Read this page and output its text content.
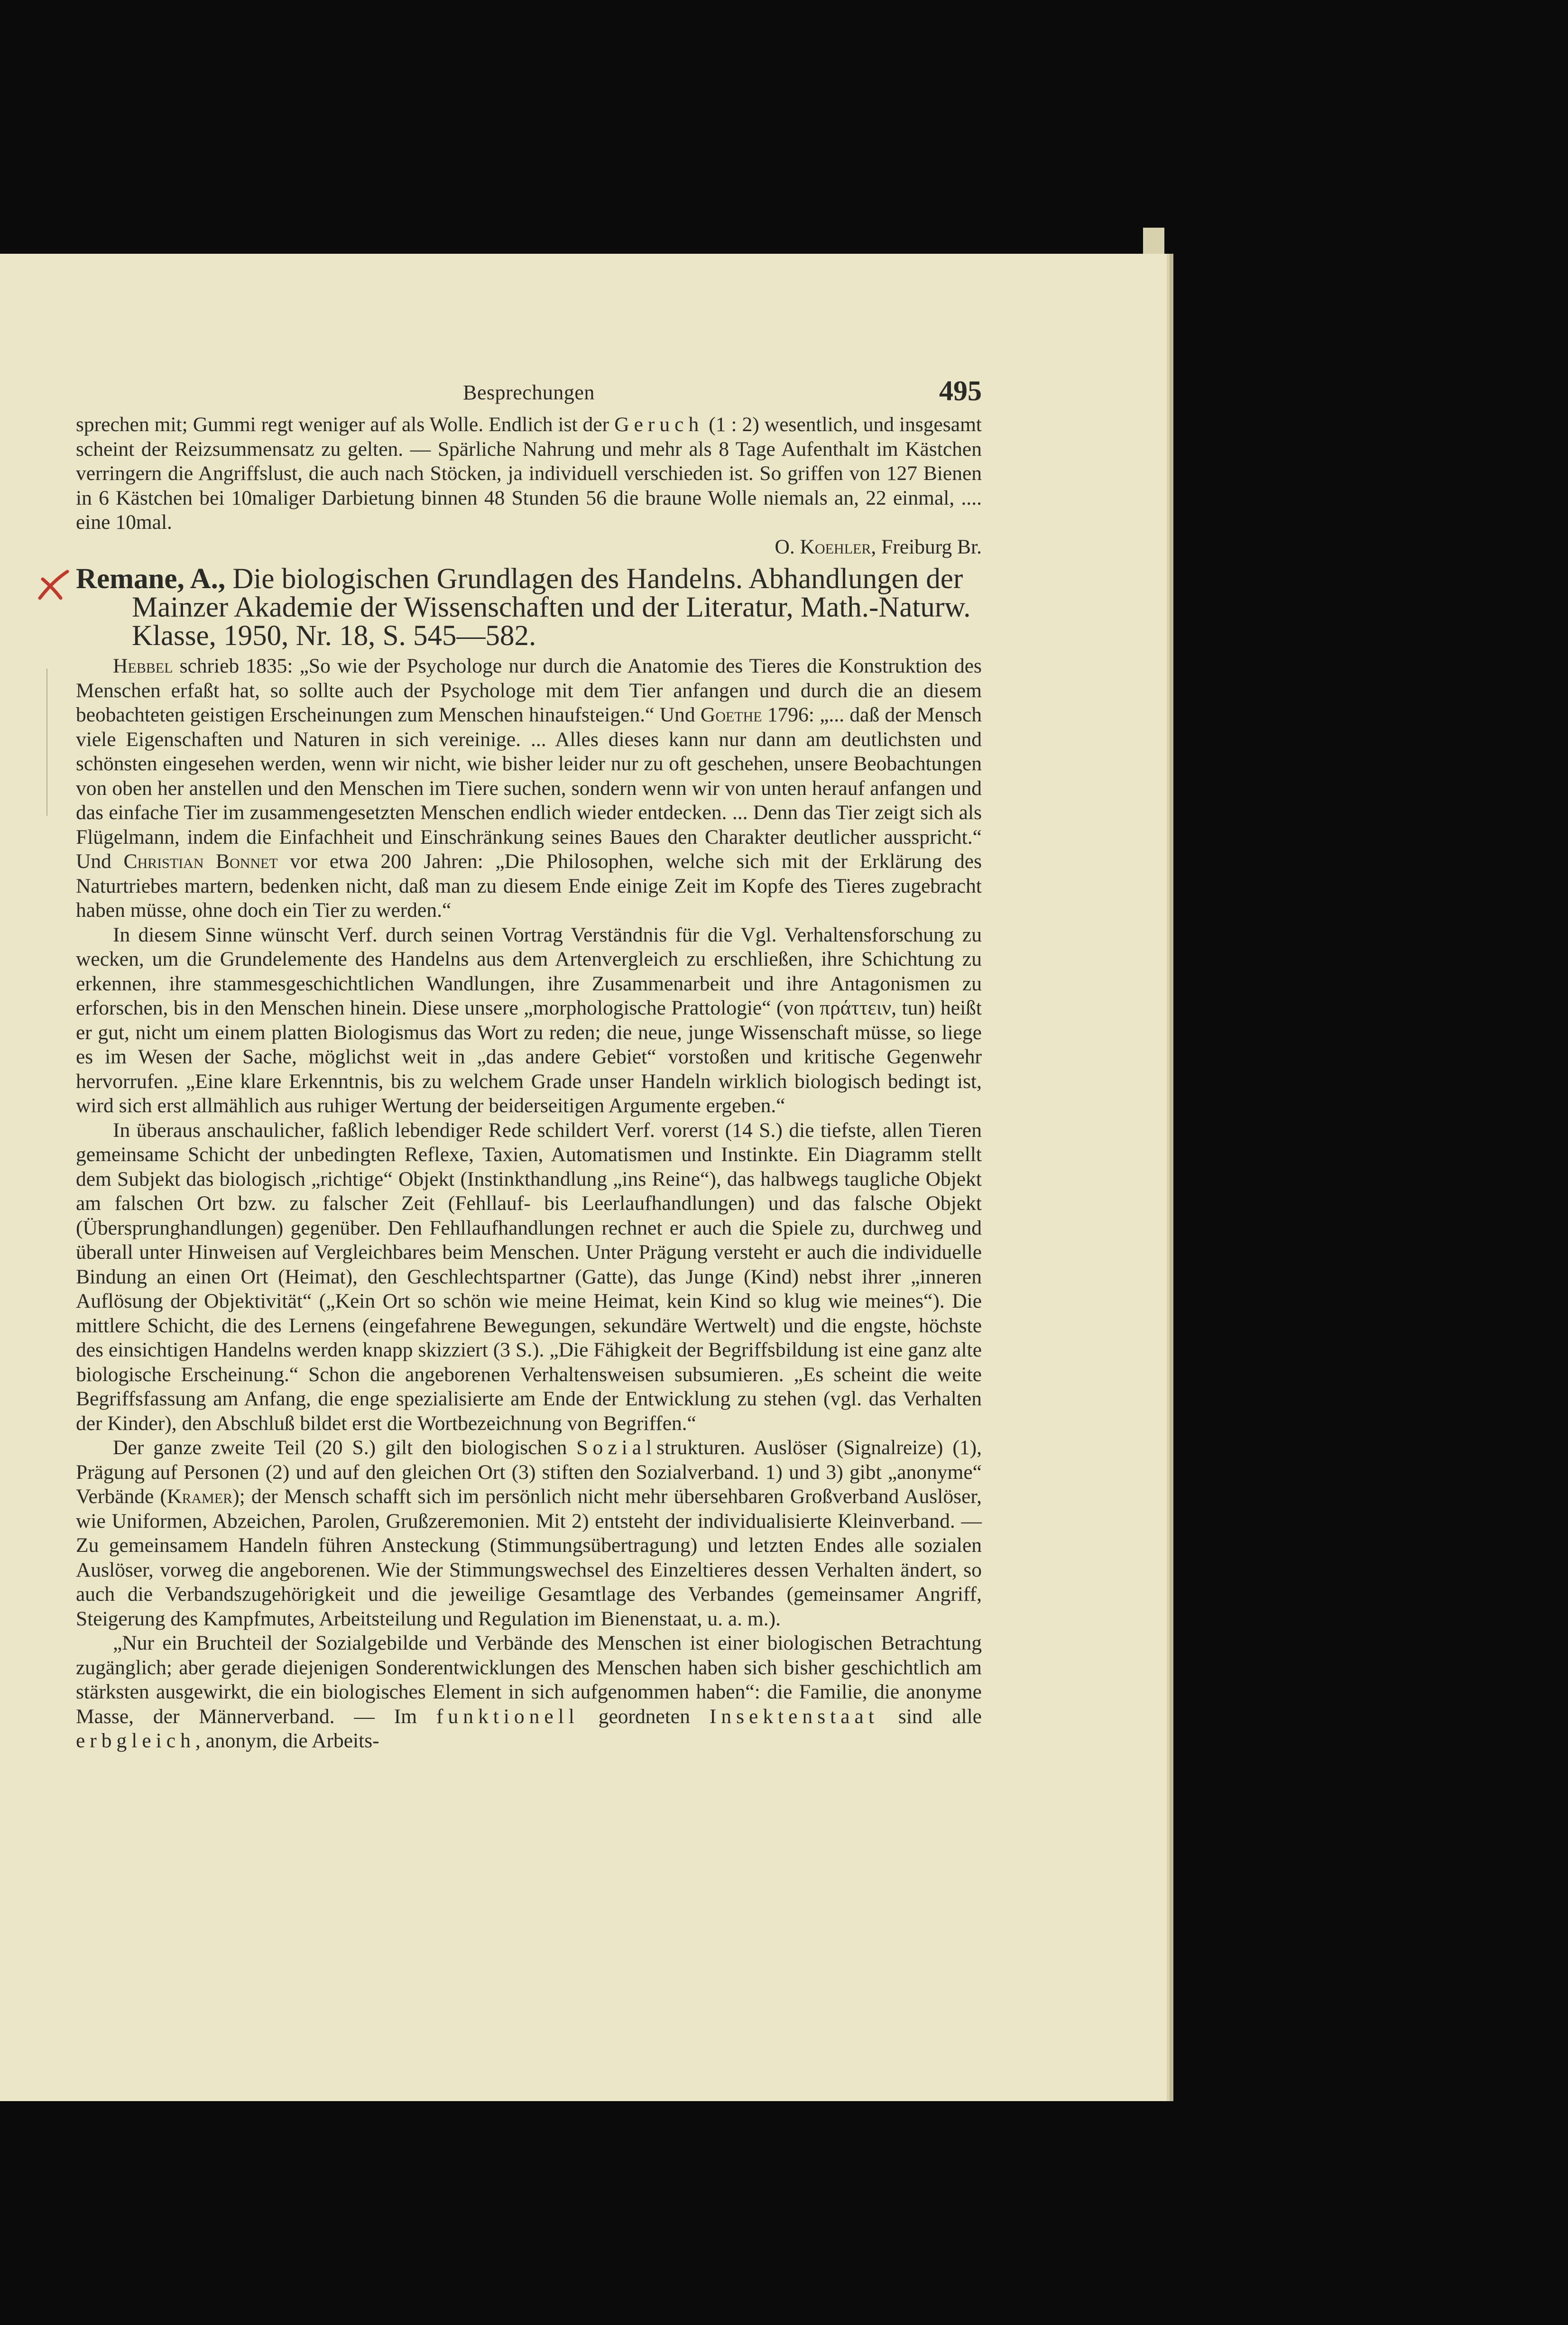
Besprechungen	495

sprechen mit; Gummi regt weniger auf als Wolle. Endlich ist der Geruch (1 : 2) wesentlich, und insgesamt scheint der Reizsummensatz zu gelten. — Spärliche Nahrung und mehr als 8 Tage Aufenthalt im Kästchen verringern die Angriffslust, die auch nach Stöcken, ja individuell verschieden ist. So griffen von 127 Bienen in 6 Kästchen bei 10maliger Darbietung binnen 48 Stunden 56 die braune Wolle niemals an, 22 einmal, .... eine 10mal.

O. Koehler, Freiburg Br.
Remane, A., Die biologischen Grundlagen des Handelns. Abhandlungen der Mainzer Akademie der Wissenschaften und der Literatur, Math.-Naturw. Klasse, 1950, Nr. 18, S. 545—582.

Hebbel schrieb 1835: „So wie der Psychologe nur durch die Anatomie des Tieres die Konstruktion des Menschen erfaßt hat, so sollte auch der Psychologe mit dem Tier anfangen und durch die an diesem beobachteten geistigen Erscheinungen zum Menschen hinaufsteigen.“ Und Goethe 1796: „... daß der Mensch viele Eigenschaften und Naturen in sich vereinige. ... Alles dieses kann nur dann am deutlichsten und schönsten eingesehen werden, wenn wir nicht, wie bisher leider nur zu oft geschehen, unsere Beobachtungen von oben her anstellen und den Menschen im Tiere suchen, sondern wenn wir von unten herauf anfangen und das einfache Tier im zusammengesetzten Menschen endlich wieder entdecken. ... Denn das Tier zeigt sich als Flügelmann, indem die Einfachheit und Einschränkung seines Baues den Charakter deutlicher ausspricht.“ Und Christian Bonnet vor etwa 200 Jahren: „Die Philosophen, welche sich mit der Erklärung des Naturtriebes martern, bedenken nicht, daß man zu diesem Ende einige Zeit im Kopfe des Tieres zugebracht haben müsse, ohne doch ein Tier zu werden.“

In diesem Sinne wünscht Verf. durch seinen Vortrag Verständnis für die Vgl. Verhaltensforschung zu wecken, um die Grundelemente des Handelns aus dem Artenvergleich zu erschließen, ihre Schichtung zu erkennen, ihre stammesgeschichtlichen Wandlungen, ihre Zusammenarbeit und ihre Antagonismen zu erforschen, bis in den Menschen hinein. Diese unsere „morphologische Prattologie“ (von πράττειν, tun) heißt er gut, nicht um einem platten Biologismus das Wort zu reden; die neue, junge Wissenschaft müsse, so liege es im Wesen der Sache, möglichst weit in „das andere Gebiet“ vorstoßen und kritische Gegenwehr hervorrufen. „Eine klare Erkenntnis, bis zu welchem Grade unser Handeln wirklich biologisch bedingt ist, wird sich erst allmählich aus ruhiger Wertung der beiderseitigen Argumente ergeben.“

In überaus anschaulicher, faßlich lebendiger Rede schildert Verf. vorerst (14 S.) die tiefste, allen Tieren gemeinsame Schicht der unbedingten Reflexe, Taxien, Automatismen und Instinkte. Ein Diagramm stellt dem Subjekt das biologisch „richtige“ Objekt (Instinkthandlung „ins Reine“), das halbwegs taugliche Objekt am falschen Ort bzw. zu falscher Zeit (Fehllauf- bis Leerlaufhandlungen) und das falsche Objekt (Übersprunghandlungen) gegenüber. Den Fehllaufhandlungen rechnet er auch die Spiele zu, durchweg und überall unter Hinweisen auf Vergleichbares beim Menschen. Unter Prägung versteht er auch die individuelle Bindung an einen Ort (Heimat), den Geschlechtspartner (Gatte), das Junge (Kind) nebst ihrer „inneren Auflösung der Objektivität“ („Kein Ort so schön wie meine Heimat, kein Kind so klug wie meines“). Die mittlere Schicht, die des Lernens (eingefahrene Bewegungen, sekundäre Wertwelt) und die engste, höchste des einsichtigen Handelns werden knapp skizziert (3 S.). „Die Fähigkeit der Begriffsbildung ist eine ganz alte biologische Erscheinung.“ Schon die angeborenen Verhaltensweisen subsumieren. „Es scheint die weite Begriffsfassung am Anfang, die enge spezialisierte am Ende der Entwicklung zu stehen (vgl. das Verhalten der Kinder), den Abschluß bildet erst die Wortbezeichnung von Begriffen.“

Der ganze zweite Teil (20 S.) gilt den biologischen Sozialstrukturen. Auslöser (Signalreize) (1), Prägung auf Personen (2) und auf den gleichen Ort (3) stiften den Sozialverband. 1) und 3) gibt „anonyme“ Verbände (Kramer); der Mensch schafft sich im persönlich nicht mehr übersehbaren Großverband Auslöser, wie Uniformen, Abzeichen, Parolen, Grußzeremonien. Mit 2) entsteht der individualisierte Kleinverband. — Zu gemeinsamem Handeln führen Ansteckung (Stimmungsübertragung) und letzten Endes alle sozialen Auslöser, vorweg die angeborenen. Wie der Stimmungswechsel des Einzeltieres dessen Verhalten ändert, so auch die Verbandszugehörigkeit und die jeweilige Gesamtlage des Verbandes (gemeinsamer Angriff, Steigerung des Kampfmutes, Arbeitsteilung und Regulation im Bienenstaat, u. a. m.).

„Nur ein Bruchteil der Sozialgebilde und Verbände des Menschen ist einer biologischen Betrachtung zugänglich; aber gerade diejenigen Sonderentwicklungen des Menschen haben sich bisher geschichtlich am stärksten ausgewirkt, die ein biologisches Element in sich aufgenommen haben“: die Familie, die anonyme Masse, der Männerverband. — Im funktionell geordneten Insektenstaat sind alle erbgleich, anonym, die Arbeits-
